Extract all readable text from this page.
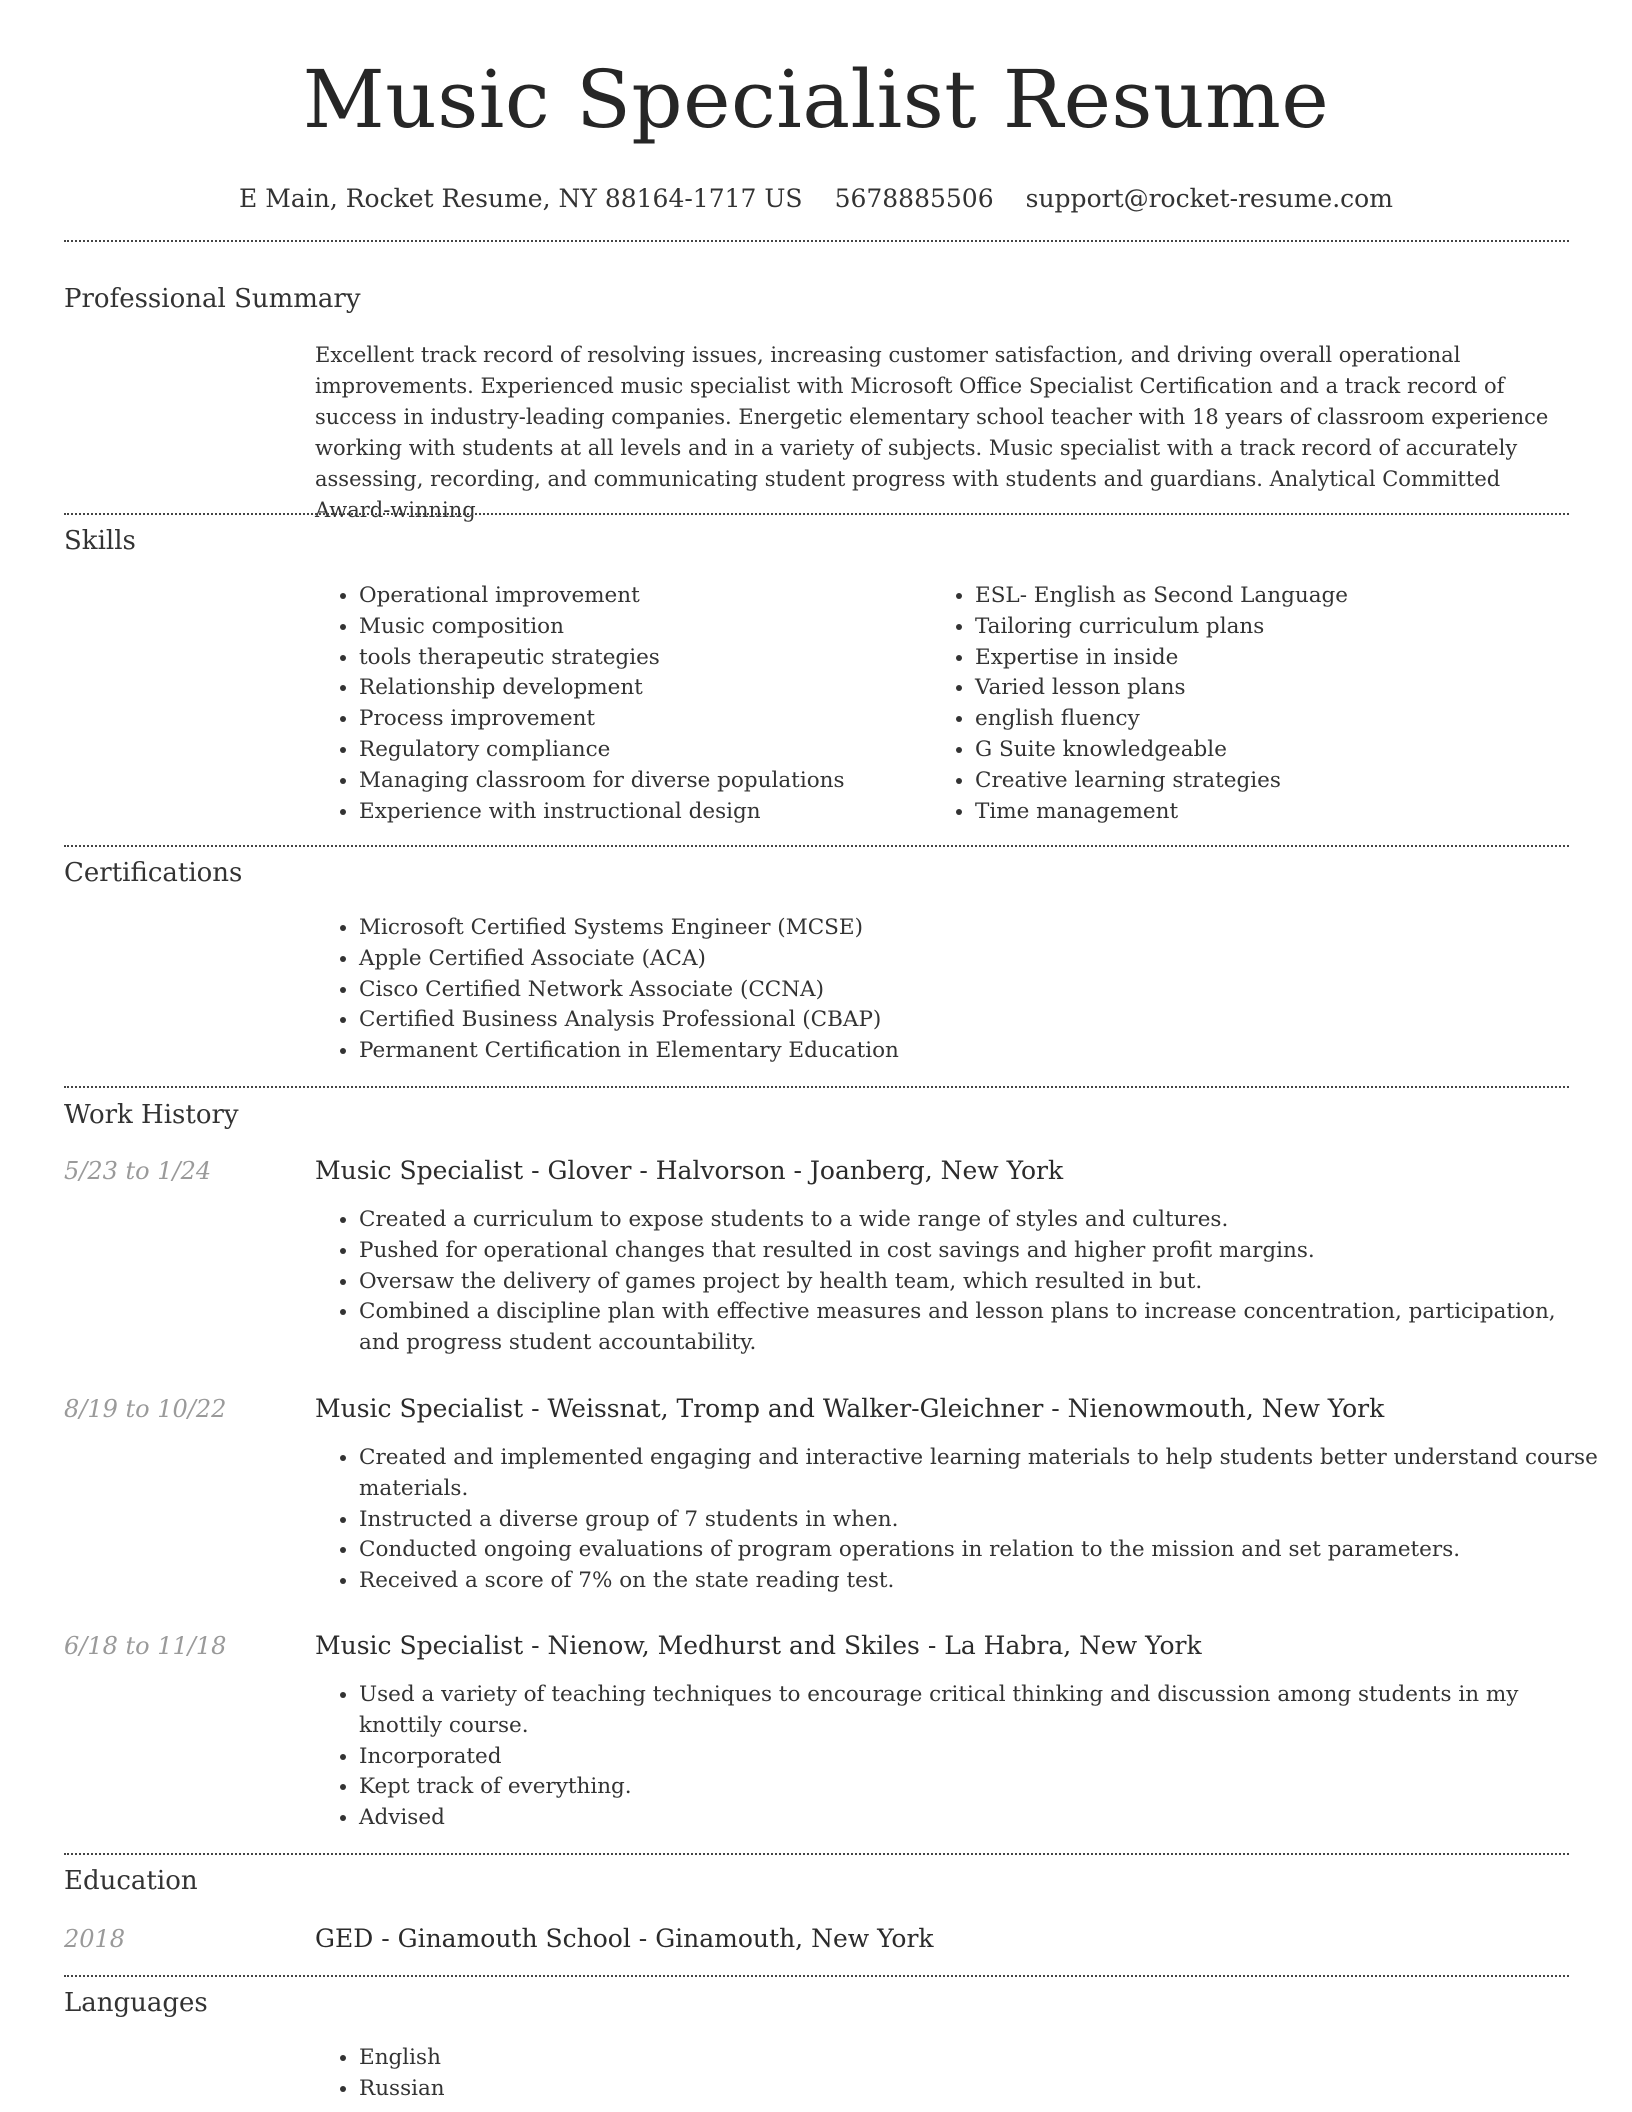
Music Specialist Resume
E Main, Rocket Resume, NY 88164-1717 US 5678885506 support@rocket-resume.com
Professional Summary
Excellent track record of resolving issues, increasing customer satisfaction, and driving overall operational improvements. Experienced music specialist with Microsoft Office Specialist Certification and a track record of success in industry-leading companies. Energetic elementary school teacher with 18 years of classroom experience working with students at all levels and in a variety of subjects. Music specialist with a track record of accurately assessing, recording, and communicating student progress with students and guardians. Analytical Committed Award-winning
Skills
• Operational improvement
• Music composition
• tools therapeutic strategies
• Relationship development
• Process improvement
• Regulatory compliance
• Managing classroom for diverse populations
• Experience with instructional design
• ESL- English as Second Language
• Tailoring curriculum plans
• Expertise in inside
• Varied lesson plans
• english fluency
• G Suite knowledgeable
• Creative learning strategies
• Time management
Certifications
• Microsoft Certified Systems Engineer (MCSE)
• Apple Certified Associate (ACA)
• Cisco Certified Network Associate (CCNA)
• Certified Business Analysis Professional (CBAP)
• Permanent Certification in Elementary Education
Work History
5/23 to 1/24	Music Specialist - Glover - Halvorson - Joanberg, New York
• Created a curriculum to expose students to a wide range of styles and cultures.
• Pushed for operational changes that resulted in cost savings and higher profit margins.
• Oversaw the delivery of games project by health team, which resulted in but.
• Combined a discipline plan with effective measures and lesson plans to increase concentration, participation, and progress student accountability.
8/19 to 10/22	Music Specialist - Weissnat, Tromp and Walker-Gleichner - Nienowmouth, New York
• Created and implemented engaging and interactive learning materials to help students better understand course materials.
• Instructed a diverse group of 7 students in when.
• Conducted ongoing evaluations of program operations in relation to the mission and set parameters.
• Received a score of 7% on the state reading test.
6/18 to 11/18	Music Specialist - Nienow, Medhurst and Skiles - La Habra, New York
• Used a variety of teaching techniques to encourage critical thinking and discussion among students in my knottily course.
• Incorporated
• Kept track of everything.
• Advised
Education
2018	GED - Ginamouth School - Ginamouth, New York
Languages
• English
• Russian
